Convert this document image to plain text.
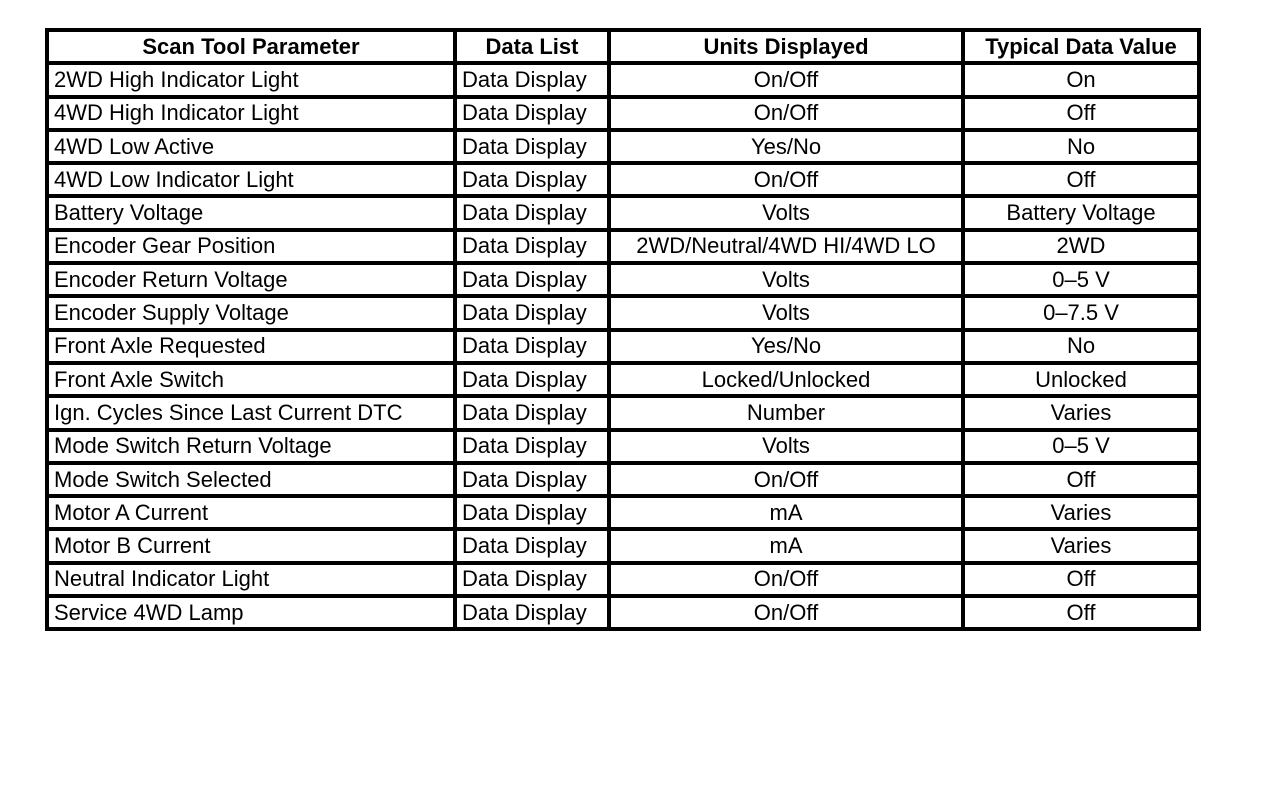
Scan Tool Parameter	Data List	Units Displayed	Typical Data Value
2WD High Indicator Light	Data Display	On/Off	On
4WD High Indicator Light	Data Display	On/Off	Off
4WD Low Active	Data Display	Yes/No	No
4WD Low Indicator Light	Data Display	On/Off	Off
Battery Voltage	Data Display	Volts	Battery Voltage
Encoder Gear Position	Data Display	2WD/Neutral/4WD HI/4WD LO	2WD
Encoder Return Voltage	Data Display	Volts	0–5 V
Encoder Supply Voltage	Data Display	Volts	0–7.5 V
Front Axle Requested	Data Display	Yes/No	No
Front Axle Switch	Data Display	Locked/Unlocked	Unlocked
Ign. Cycles Since Last Current DTC	Data Display	Number	Varies
Mode Switch Return Voltage	Data Display	Volts	0–5 V
Mode Switch Selected	Data Display	On/Off	Off
Motor A Current	Data Display	mA	Varies
Motor B Current	Data Display	mA	Varies
Neutral Indicator Light	Data Display	On/Off	Off
Service 4WD Lamp	Data Display	On/Off	Off
